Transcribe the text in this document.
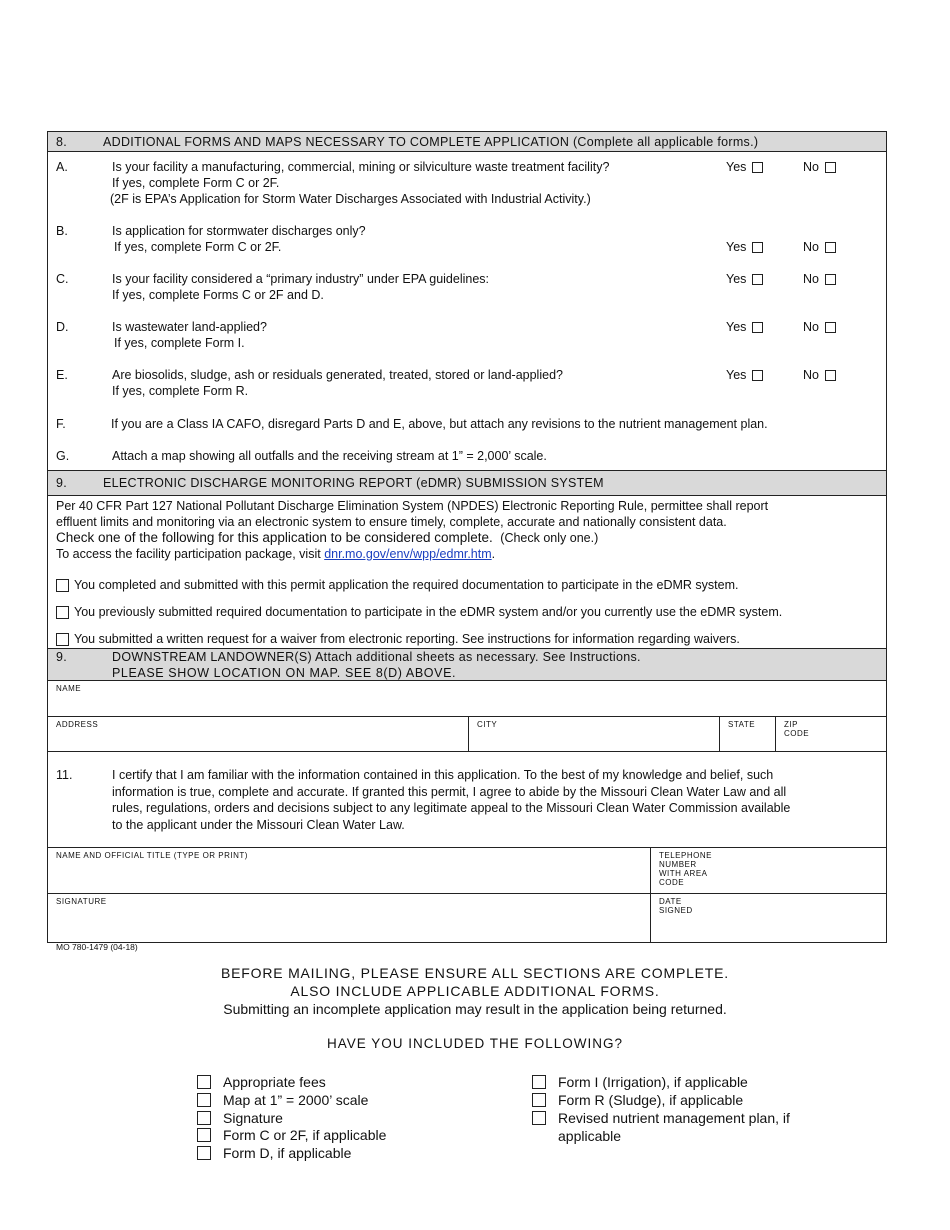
8.	ADDITIONAL FORMS AND MAPS NECESSARY TO COMPLETE APPLICATION (Complete all applicable forms.)
A.	Is your facility a manufacturing, commercial, mining or silviculture waste treatment facility?
If yes, complete Form C or 2F.
(2F is EPA’s Application for Storm Water Discharges Associated with Industrial Activity.)
Yes	No
B.	Is application for stormwater discharges only?
If yes, complete Form C or 2F.	Yes	No
C.	Is your facility considered a “primary industry” under EPA guidelines:
If yes, complete Forms C or 2F and D.
Yes	No
D.	Is wastewater land-applied?
If yes, complete Form I.
Yes	No
E.	Are biosolids, sludge, ash or residuals generated, treated, stored or land-applied?
If yes, complete Form R.
Yes	No
F.	If you are a Class IA CAFO, disregard Parts D and E, above, but attach any revisions to the nutrient management plan.
G.	Attach a map showing all outfalls and the receiving stream at 1” = 2,000’ scale.
9.	ELECTRONIC DISCHARGE MONITORING REPORT (eDMR) SUBMISSION SYSTEM

Per 40 CFR Part 127 National Pollutant Discharge Elimination System (NPDES) Electronic Reporting Rule, permittee shall report

effluent limits and monitoring via an electronic system to ensure timely, complete, accurate and nationally consistent data.

Check one of the following for this application to be considered complete. (Check only one.)

To access the facility participation package, visit dnr.mo.gov/env/wpp/edmr.htm.

You completed and submitted with this permit application the required documentation to participate in the eDMR system.
You previously submitted required documentation to participate in the eDMR system and/or you currently use the eDMR system.
You submitted a written request for a waiver from electronic reporting. See instructions for information regarding waivers.
9.	DOWNSTREAM LANDOWNER(S) Attach additional sheets as necessary. See Instructions.
PLEASE SHOW LOCATION ON MAP. SEE 8(D) ABOVE.
NAME
ADDRESS	CITY	STATE	ZIP CODE
11.	I certify that I am familiar with the information contained in this application. To the best of my knowledge and belief, such
information is true, complete and accurate. If granted this permit, I agree to abide by the Missouri Clean Water Law and all
rules, regulations, orders and decisions subject to any legitimate appeal to the Missouri Clean Water Commission available
to the applicant under the Missouri Clean Water Law.
NAME AND OFFICIAL TITLE (TYPE OR PRINT)	TELEPHONE NUMBER WITH AREA CODE
SIGNATURE	DATE SIGNED
MO 780-1479 (04-18)
BEFORE MAILING, PLEASE ENSURE ALL SECTIONS ARE COMPLETE.
ALSO INCLUDE APPLICABLE ADDITIONAL FORMS.
Submitting an incomplete application may result in the application being returned.
HAVE YOU INCLUDED THE FOLLOWING?
Appropriate fees
Map at 1” = 2000’ scale
Signature
Form C or 2F, if applicable
Form D, if applicable
Form I (Irrigation), if applicable
Form R (Sludge), if applicable
Revised nutrient management plan, if
applicable
